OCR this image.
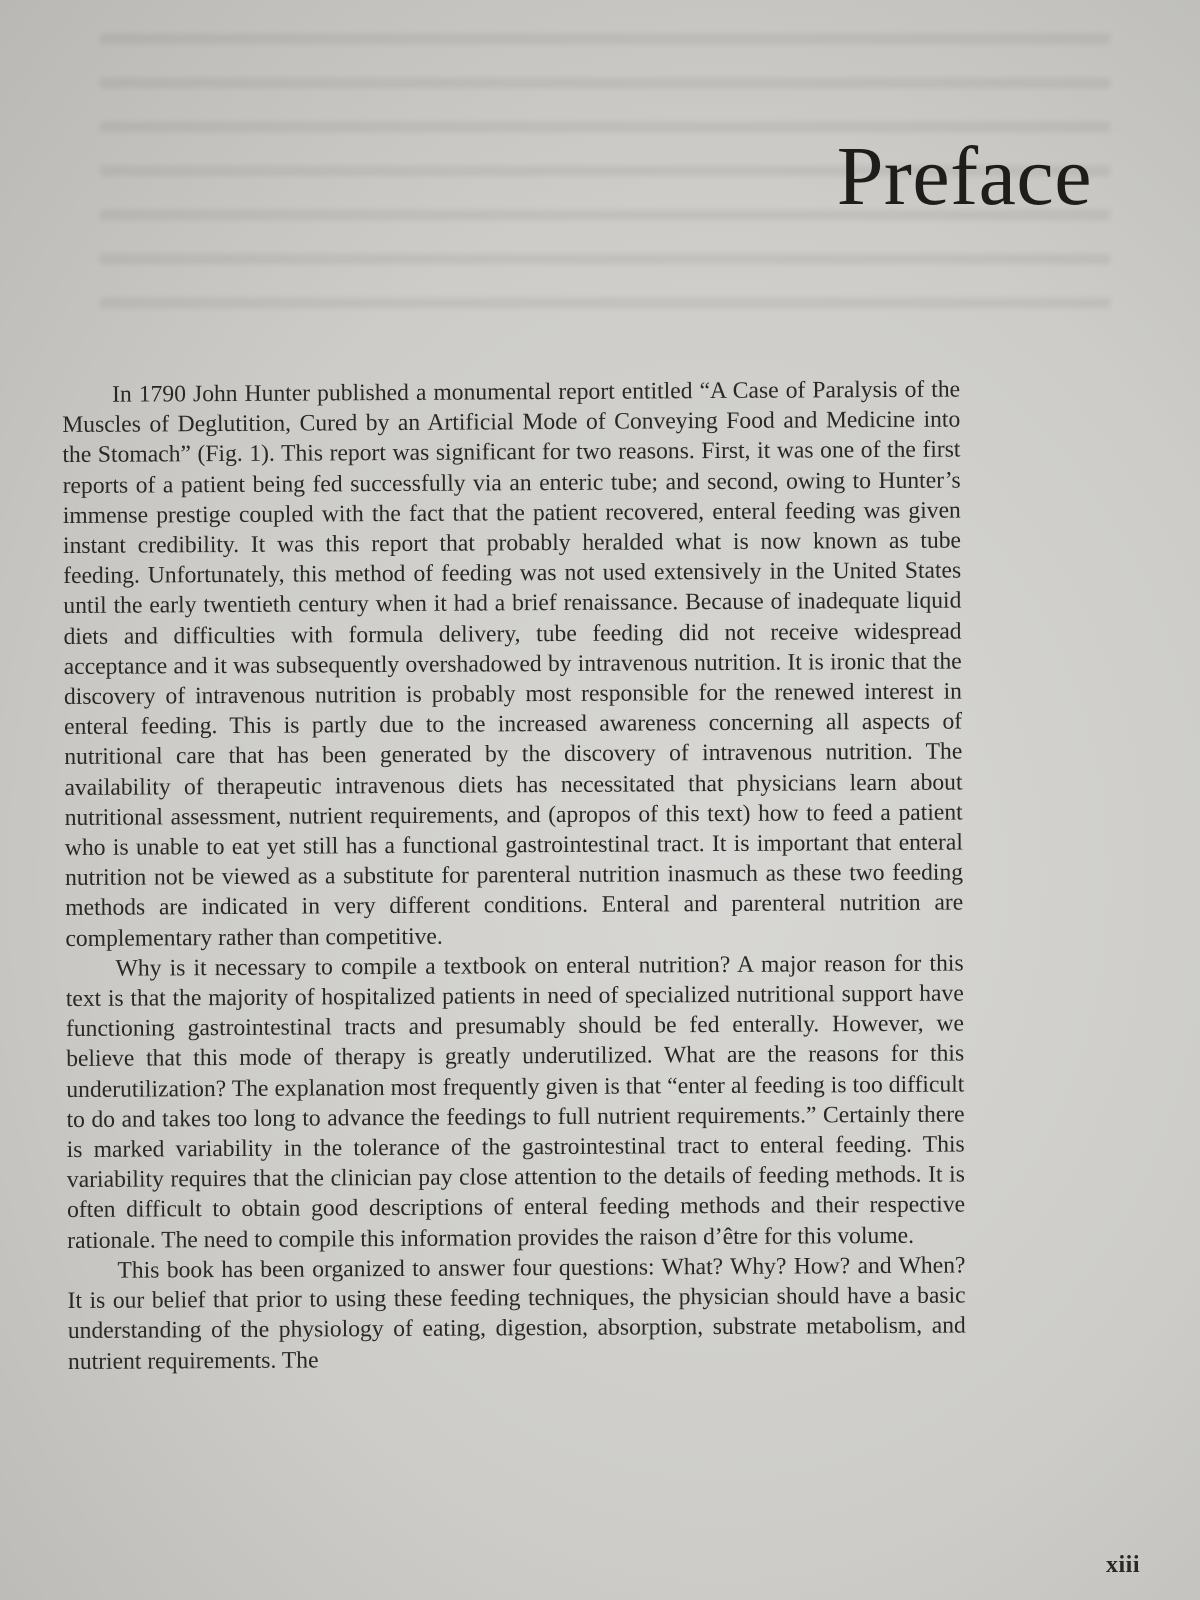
Preface

In 1790 John Hunter published a monumental report entitled “A Case of Paralysis of the Muscles of Deglutition, Cured by an Artificial Mode of Conveying Food and Medicine into the Stomach” (Fig. 1). This report was significant for two reasons. First, it was one of the first reports of a patient being fed successfully via an enteric tube; and second, owing to Hunter’s immense prestige coupled with the fact that the patient recovered, enteral feeding was given instant credibility. It was this report that probably heralded what is now known as tube feeding. Unfortunately, this method of feeding was not used extensively in the United States until the early twentieth century when it had a brief renaissance. Because of inadequate liquid diets and difficulties with formula delivery, tube feeding did not receive widespread acceptance and it was subsequently overshadowed by intravenous nutrition. It is ironic that the discovery of intravenous nutrition is probably most responsible for the renewed interest in enteral feeding. This is partly due to the increased awareness concerning all aspects of nutritional care that has been generated by the discovery of intravenous nutrition. The availability of therapeutic intravenous diets has necessitated that physicians learn about nutritional assessment, nutrient requirements, and (apropos of this text) how to feed a patient who is unable to eat yet still has a functional gastrointestinal tract. It is important that enteral nutrition not be viewed as a substitute for parenteral nutrition inasmuch as these two feeding methods are indicated in very different conditions. Enteral and parenteral nutrition are complementary rather than competitive.

Why is it necessary to compile a textbook on enteral nutrition? A major reason for this text is that the majority of hospitalized patients in need of specialized nutritional support have functioning gastrointestinal tracts and presumably should be fed enterally. However, we believe that this mode of therapy is greatly underutilized. What are the reasons for this underutilization? The explanation most frequently given is that “enter al feeding is too difficult to do and takes too long to advance the feedings to full nutrient requirements.” Certainly there is marked variability in the tolerance of the gastrointestinal tract to enteral feeding. This variability requires that the clinician pay close attention to the details of feeding methods. It is often difficult to obtain good descriptions of enteral feeding methods and their respective rationale. The need to compile this information provides the raison d’être for this volume.

This book has been organized to answer four questions: What? Why? How? and When? It is our belief that prior to using these feeding techniques, the physician should have a basic understanding of the physiology of eating, digestion, absorption, substrate metabolism, and nutrient requirements. The

xiii
